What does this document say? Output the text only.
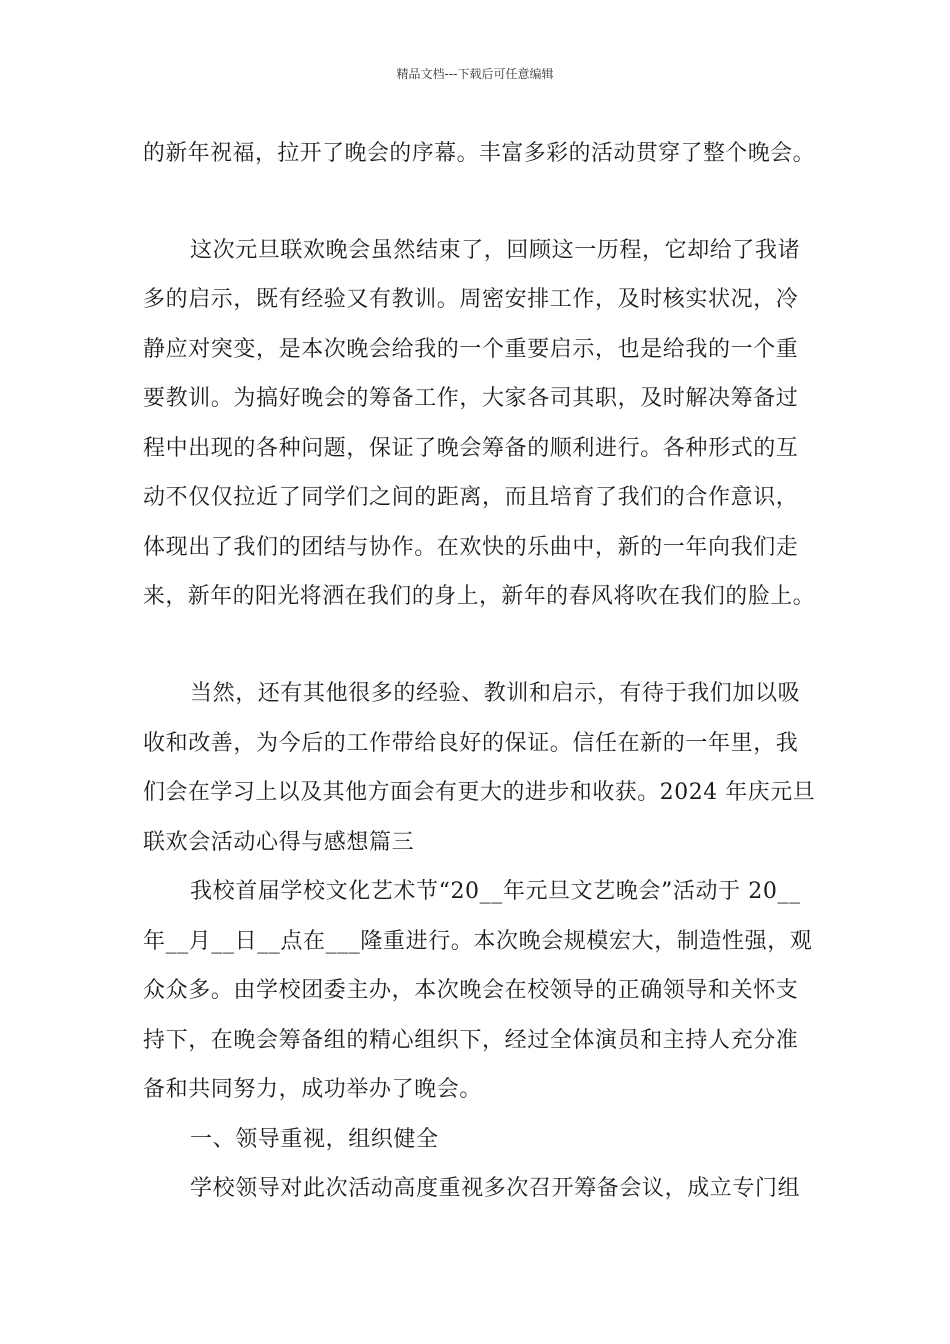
精品文档---下载后可任意编辑
的新年祝福，拉开了晚会的序幕。丰富多彩的活动贯穿了整个晚会。
这次元旦联欢晚会虽然结束了，回顾这一历程，它却给了我诸
多的启示，既有经验又有教训。周密安排工作，及时核实状况，冷
静应对突变，是本次晚会给我的一个重要启示，也是给我的一个重
要教训。为搞好晚会的筹备工作，大家各司其职，及时解决筹备过
程中出现的各种问题，保证了晚会筹备的顺利进行。各种形式的互
动不仅仅拉近了同学们之间的距离，而且培育了我们的合作意识，
体现出了我们的团结与协作。在欢快的乐曲中，新的一年向我们走
来，新年的阳光将洒在我们的身上，新年的春风将吹在我们的脸上。
当然，还有其他很多的经验、教训和启示，有待于我们加以吸
收和改善，为今后的工作带给良好的保证。信任在新的一年里，我
们会在学习上以及其他方面会有更大的进步和收获。2024 年庆元旦
联欢会活动心得与感想篇三
我校首届学校文化艺术节“20__年元旦文艺晚会”活动于 20__
年__月__日__点在___隆重进行。本次晚会规模宏大，制造性强，观
众众多。由学校团委主办，本次晚会在校领导的正确领导和关怀支
持下，在晚会筹备组的精心组织下，经过全体演员和主持人充分准
备和共同努力，成功举办了晚会。
一、领导重视，组织健全
学校领导对此次活动高度重视多次召开筹备会议，成立专门组
